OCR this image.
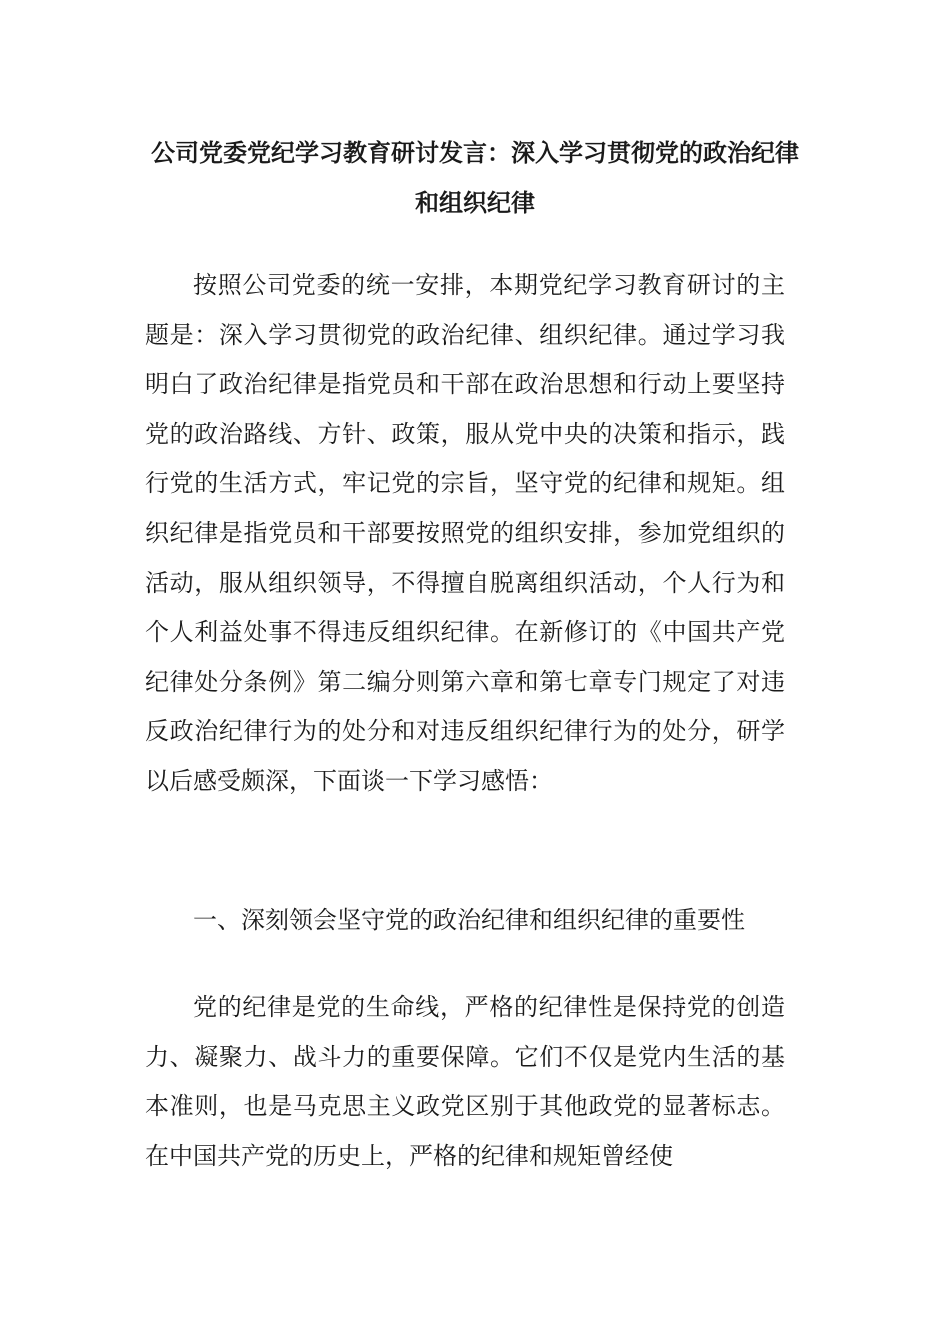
公司党委党纪学习教育研讨发言：深入学习贯彻党的政治纪律和组织纪律

按照公司党委的统一安排，本期党纪学习教育研讨的主题是：深入学习贯彻党的政治纪律、组织纪律。通过学习我明白了政治纪律是指党员和干部在政治思想和行动上要坚持党的政治路线、方针、政策，服从党中央的决策和指示，践行党的生活方式，牢记党的宗旨，坚守党的纪律和规矩。组织纪律是指党员和干部要按照党的组织安排，参加党组织的活动，服从组织领导，不得擅自脱离组织活动，个人行为和个人利益处事不得违反组织纪律。在新修订的《中国共产党纪律处分条例》第二编分则第六章和第七章专门规定了对违反政治纪律行为的处分和对违反组织纪律行为的处分，研学以后感受颇深，下面谈一下学习感悟：

一、深刻领会坚守党的政治纪律和组织纪律的重要性

党的纪律是党的生命线，严格的纪律性是保持党的创造力、凝聚力、战斗力的重要保障。它们不仅是党内生活的基本准则，也是马克思主义政党区别于其他政党的显著标志。在中国共产党的历史上，严格的纪律和规矩曾经使
